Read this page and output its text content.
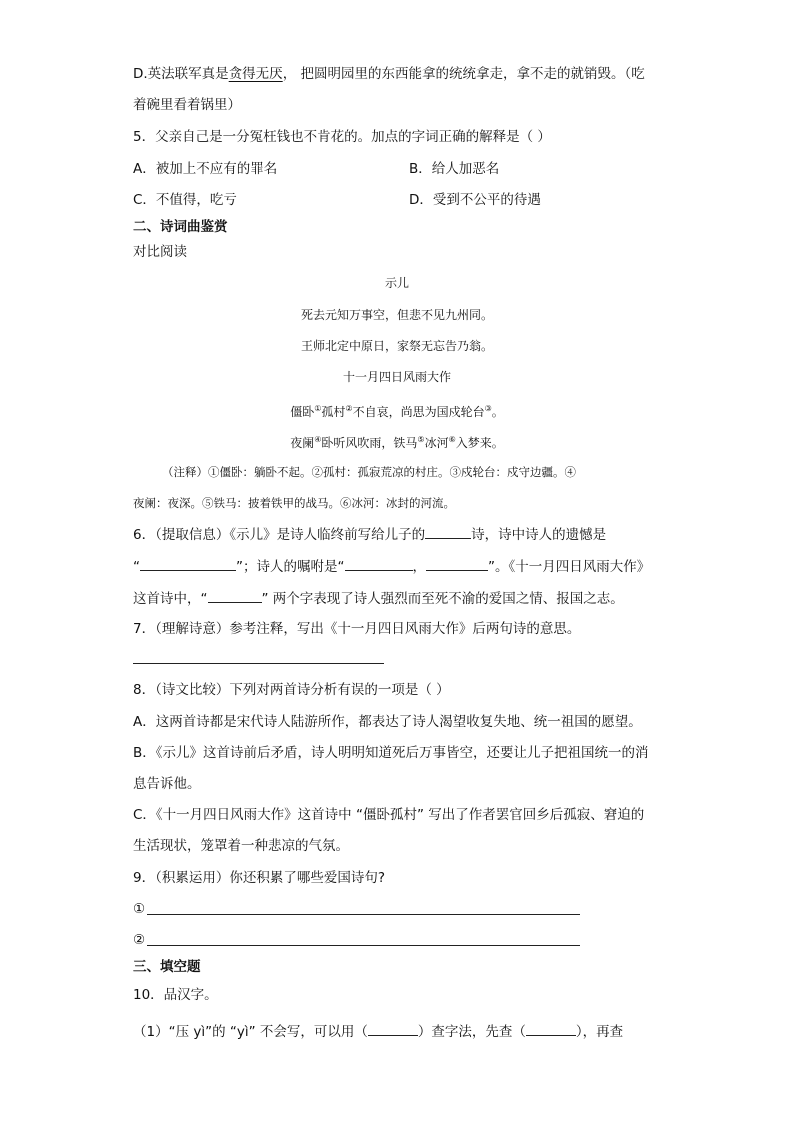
D.英法联军真是贪得无厌， 把圆明园里的东西能拿的统统拿走，拿不走的就销毁。（吃
着碗里看着锅里）
5．父亲自己是一分冤枉钱也不肯花的。加点的字词正确的解释是（ ）
A．被加上不应有的罪名	B．给人加恶名
C．不值得，吃亏	D．受到不公平的待遇
二、诗词曲鉴赏
对比阅读
示儿
死去元知万事空，但悲不见九州同。
王师北定中原日，家祭无忘告乃翁。
十一月四日风雨大作
僵卧①孤村②不自哀，尚思为国戍轮台③。
夜阑④卧听风吹雨，铁马⑤冰河⑥入梦来。
（注释）①僵卧：躺卧不起。②孤村：孤寂荒凉的村庄。③戍轮台：戍守边疆。④
夜阑：夜深。⑤铁马：披着铁甲的战马。⑥冰河：冰封的河流。
6．（提取信息）《示儿》是诗人临终前写给儿子的	诗，诗中诗人的遗憾是
“	”；诗人的嘱咐是“	，	”。《十一月四日风雨大作》
这首诗中，“	” 两个字表现了诗人强烈而至死不渝的爱国之情、报国之志。
7．（理解诗意）参考注释，写出《十一月四日风雨大作》后两句诗的意思。
8．（诗文比较）下列对两首诗分析有误的一项是（ ）
A．这两首诗都是宋代诗人陆游所作，都表达了诗人渴望收复失地、统一祖国的愿望。
B．《示儿》这首诗前后矛盾，诗人明明知道死后万事皆空，还要让儿子把祖国统一的消
息告诉他。
C．《十一月四日风雨大作》这首诗中 “僵卧孤村” 写出了作者罢官回乡后孤寂、窘迫的
生活现状，笼罩着一种悲凉的气氛。
9．（积累运用）你还积累了哪些爱国诗句?
①
②
三、填空题
10．品汉字。
（1）“压 yì”的 “yì” 不会写，可以用（	）查字法，先查（	），再查
